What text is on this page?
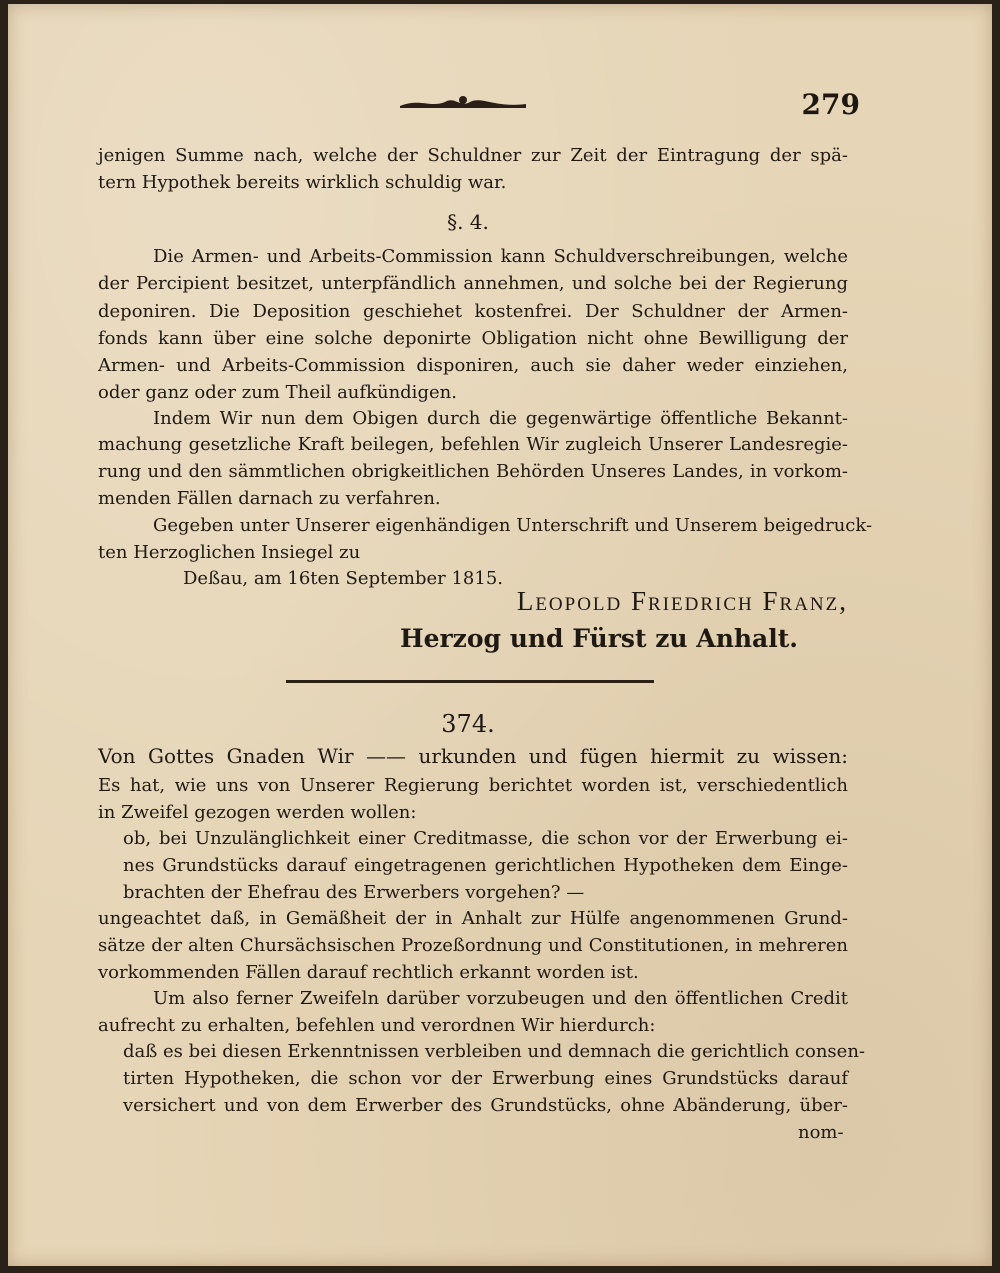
279
jenigen Summe nach, welche der Schuldner zur Zeit der Eintragung der spä-
tern Hypothek bereits wirklich schuldig war.
§. 4.
Die Armen- und Arbeits-Commission kann Schuldverschreibungen, welche
der Percipient besitzet, unterpfändlich annehmen, und solche bei der Regierung
deponiren. Die Deposition geschiehet kostenfrei. Der Schuldner der Armen-
fonds kann über eine solche deponirte Obligation nicht ohne Bewilligung der
Armen- und Arbeits-Commission disponiren, auch sie daher weder einziehen,
oder ganz oder zum Theil aufkündigen.
Indem Wir nun dem Obigen durch die gegenwärtige öffentliche Bekannt-
machung gesetzliche Kraft beilegen, befehlen Wir zugleich Unserer Landesregie-
rung und den sämmtlichen obrigkeitlichen Behörden Unseres Landes, in vorkom-
menden Fällen darnach zu verfahren.
Gegeben unter Unserer eigenhändigen Unterschrift und Unserem beigedruck-
ten Herzoglichen Insiegel zu
Deßau, am 16ten September 1815.
Leopold Friedrich Franz,
Herzog und Fürst zu Anhalt.
374.
Von Gottes Gnaden Wir —— urkunden und fügen hiermit zu wissen:
Es hat, wie uns von Unserer Regierung berichtet worden ist, verschiedentlich
in Zweifel gezogen werden wollen:
ob, bei Unzulänglichkeit einer Creditmasse, die schon vor der Erwerbung ei-
nes Grundstücks darauf eingetragenen gerichtlichen Hypotheken dem Einge-
brachten der Ehefrau des Erwerbers vorgehen? —
ungeachtet daß, in Gemäßheit der in Anhalt zur Hülfe angenommenen Grund-
sätze der alten Chursächsischen Prozeßordnung und Constitutionen, in mehreren
vorkommenden Fällen darauf rechtlich erkannt worden ist.
Um also ferner Zweifeln darüber vorzubeugen und den öffentlichen Credit
aufrecht zu erhalten, befehlen und verordnen Wir hierdurch:
daß es bei diesen Erkenntnissen verbleiben und demnach die gerichtlich consen-
tirten Hypotheken, die schon vor der Erwerbung eines Grundstücks darauf
versichert und von dem Erwerber des Grundstücks, ohne Abänderung, über-
nom-
